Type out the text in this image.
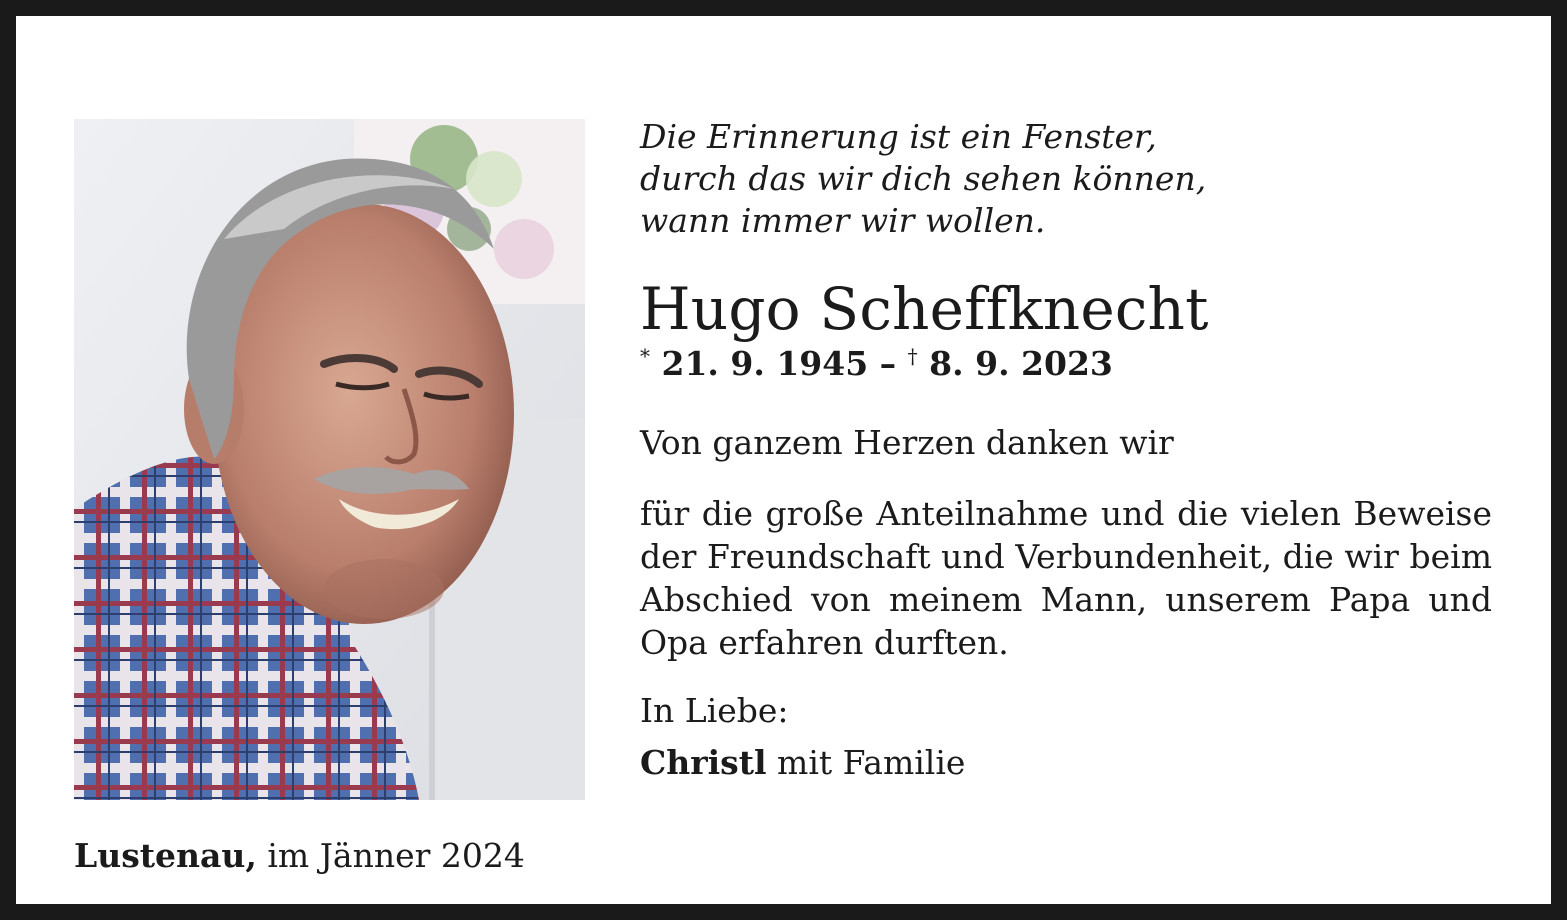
Lustenau, im Jänner 2024
Die Erinnerung ist ein Fenster,
durch das wir dich sehen können,
wann immer wir wollen.
Hugo Scheffknecht
* 21. 9. 1945 – † 8. 9. 2023
Von ganzem Herzen danken wir
für die große Anteilnahme und die vielen Beweise der Freundschaft und Verbundenheit, die wir beim Abschied von meinem Mann, unserem Papa und Opa erfahren durften.
In Liebe:
Christl mit Familie
